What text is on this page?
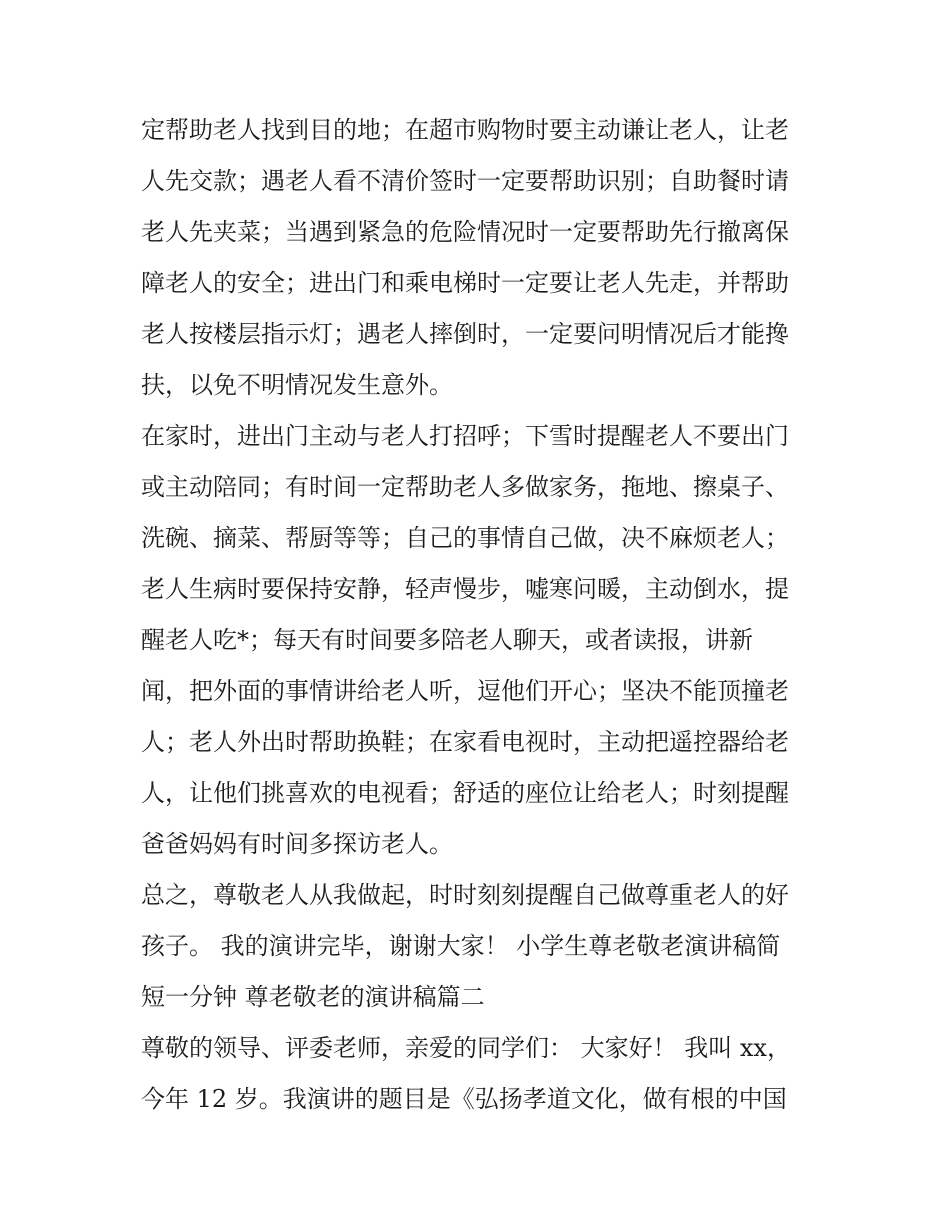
定帮助老人找到目的地；在超市购物时要主动谦让老人，让老
人先交款；遇老人看不清价签时一定要帮助识别；自助餐时请
老人先夹菜；当遇到紧急的危险情况时一定要帮助先行撤离保
障老人的安全；进出门和乘电梯时一定要让老人先走，并帮助
老人按楼层指示灯；遇老人摔倒时，一定要问明情况后才能搀
扶，以免不明情况发生意外。
在家时，进出门主动与老人打招呼；下雪时提醒老人不要出门
或主动陪同；有时间一定帮助老人多做家务，拖地、擦桌子、
洗碗、摘菜、帮厨等等；自己的事情自己做，决不麻烦老人；
老人生病时要保持安静，轻声慢步，嘘寒问暖，主动倒水，提
醒老人吃*；每天有时间要多陪老人聊天，或者读报，讲新
闻，把外面的事情讲给老人听，逗他们开心；坚决不能顶撞老
人；老人外出时帮助换鞋；在家看电视时，主动把遥控器给老
人，让他们挑喜欢的电视看；舒适的座位让给老人；时刻提醒
爸爸妈妈有时间多探访老人。
总之，尊敬老人从我做起，时时刻刻提醒自己做尊重老人的好
孩子。 我的演讲完毕，谢谢大家！ 小学生尊老敬老演讲稿简
短一分钟 尊老敬老的演讲稿篇二
尊敬的领导、评委老师，亲爱的同学们： 大家好！ 我叫 xx，
今年 12 岁。我演讲的题目是《弘扬孝道文化，做有根的中国
